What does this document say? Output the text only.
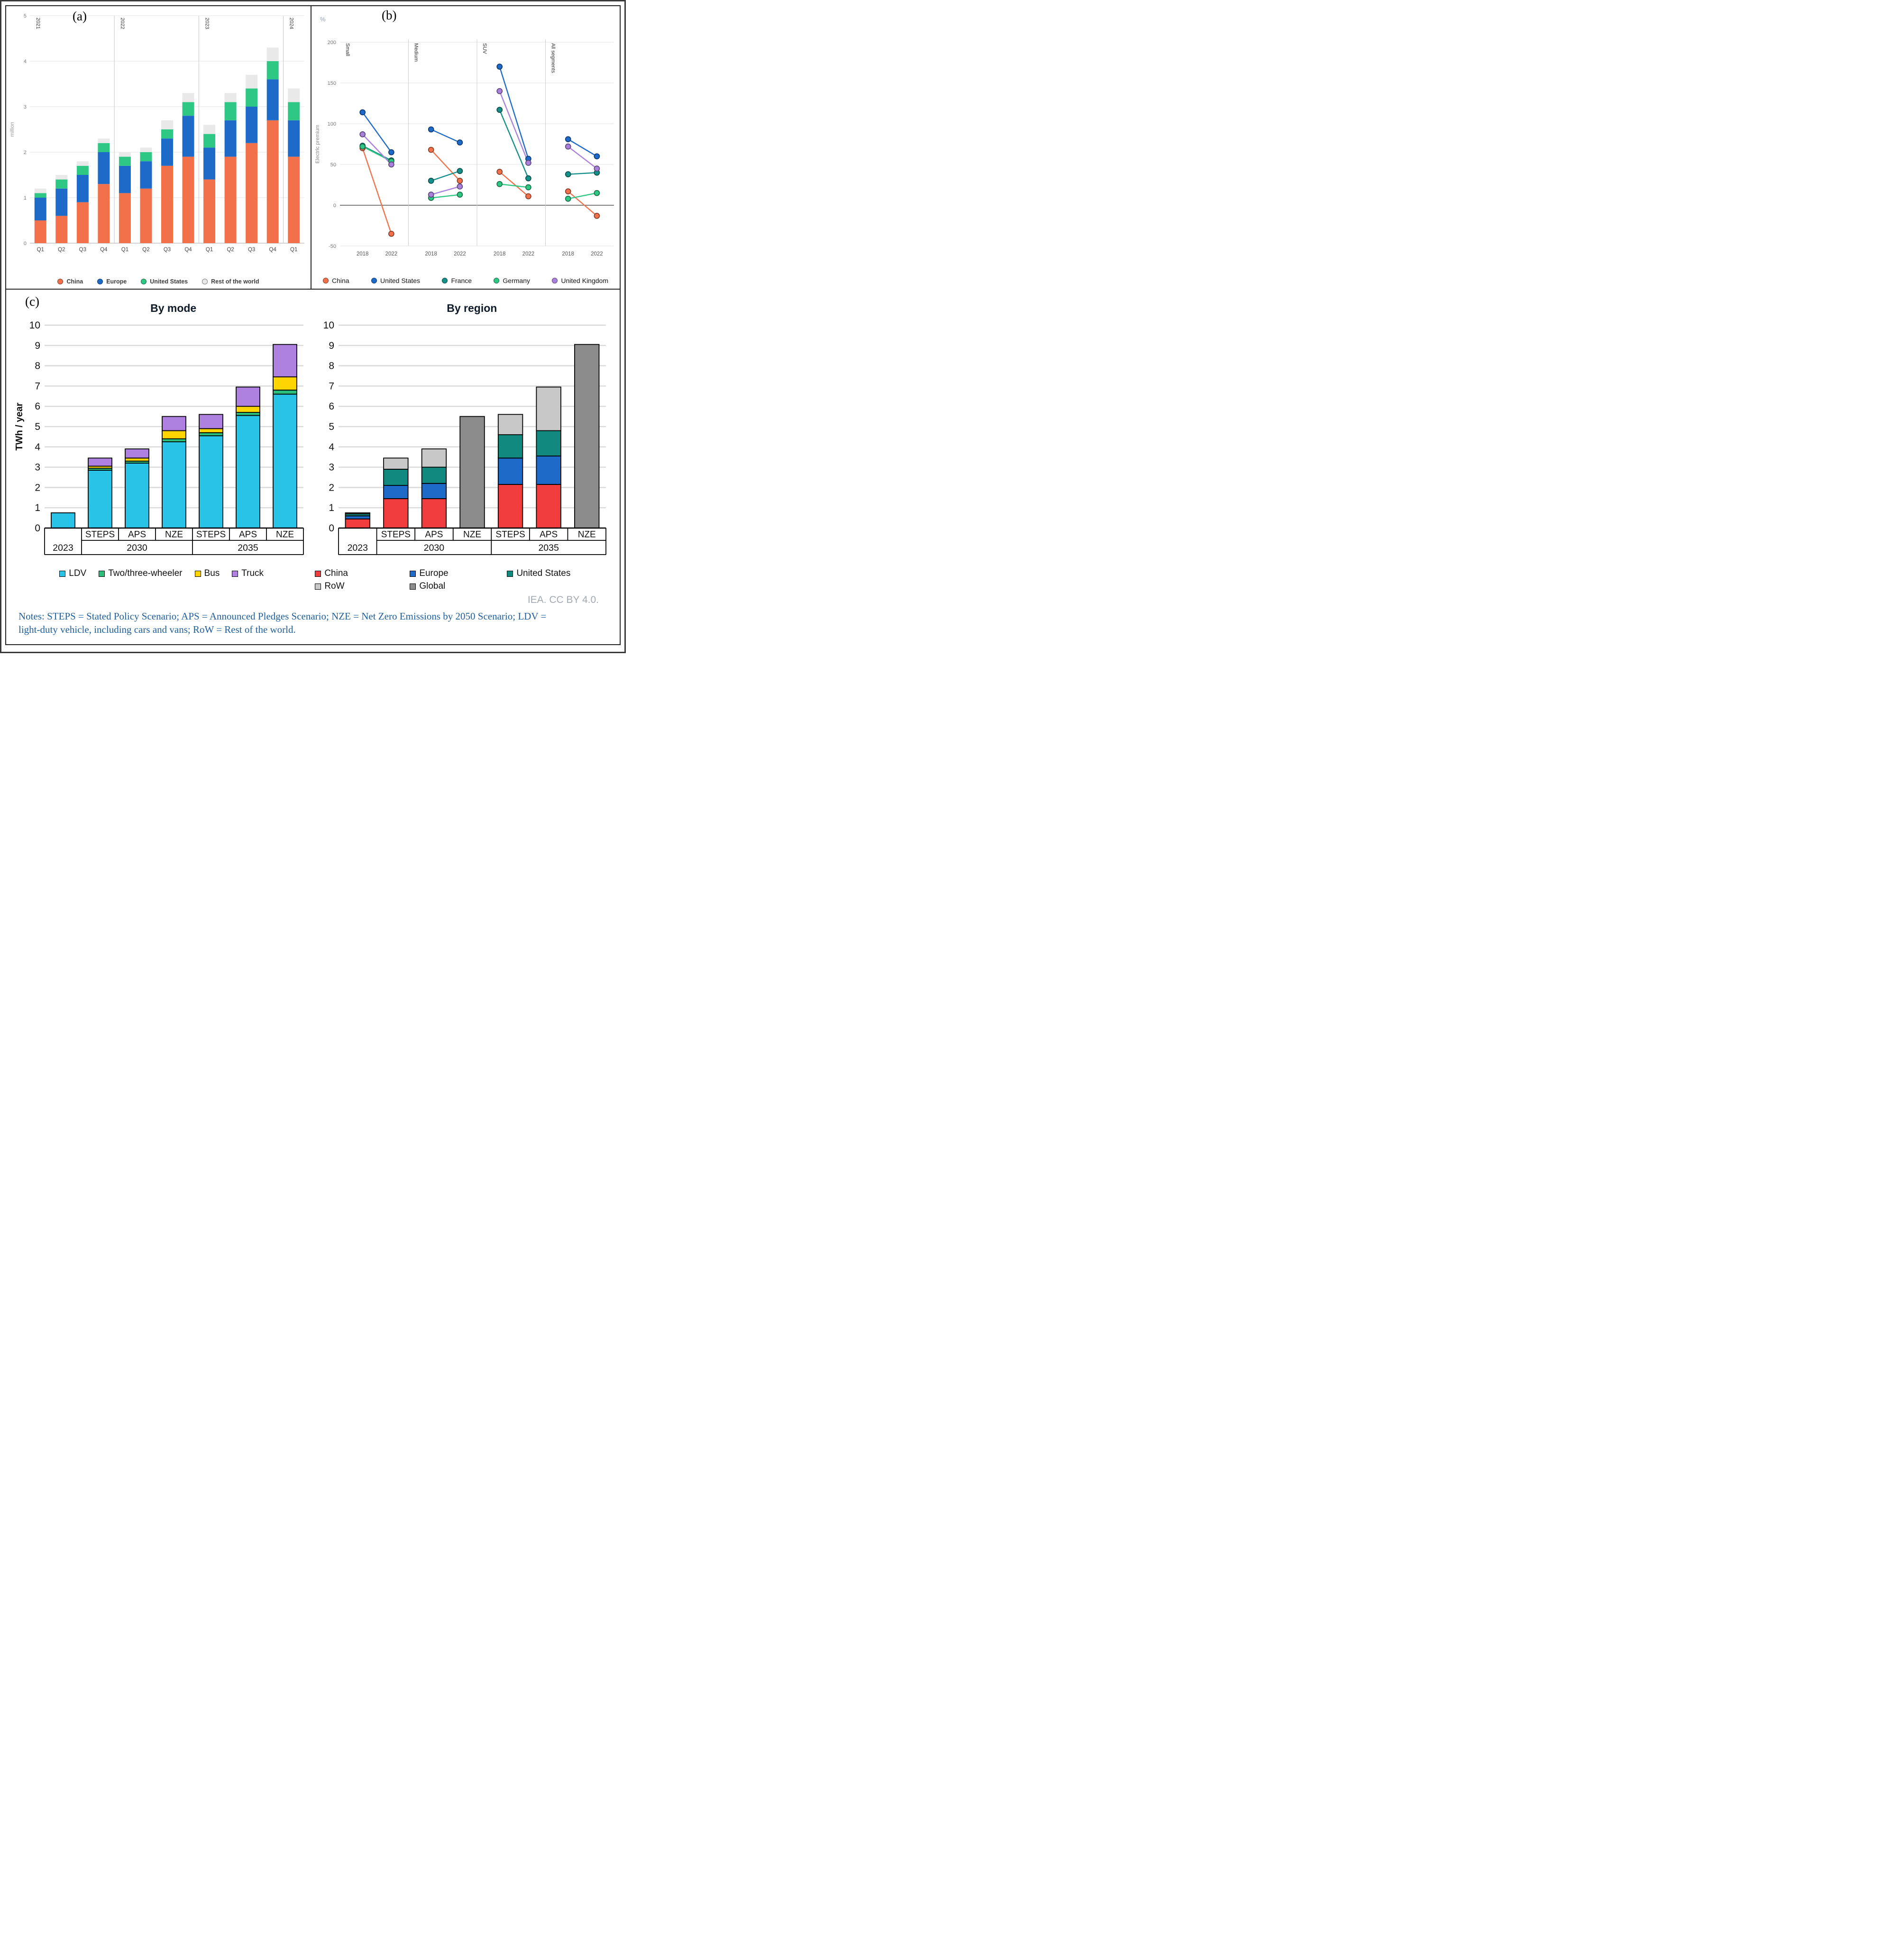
(a)
0
1
2
3
4
5
million
Q1	Q2	Q3	Q4	Q1	Q2	Q3	Q4	Q1	Q2	Q3	Q4	Q1
2021	2022	2023	2024
China	Europe	United States	Rest of the world
(b)
%
-50
0
50
100
150
200
Electric premium
2018	2022	2018	2022	2018	2022	2018	2022
Small	Medium	SUV	All segments
China	United States	France	Germany	United Kingdom
(c)	By mode
0
1
2
3
4
5
6
7
8
9
10
TWh / year
STEPS APS NZE STEPS APS NZE
2023	2030	2035
LDV Two/three-wheeler Bus Truck
By region
0
1
2
3
4
5
6
7
8
9
10
STEPS APS NZE STEPS APS NZE
2023	2030	2035
China	Europe	United States
RoW	Global
IEA. CC BY 4.0.
Notes: STEPS = Stated Policy Scenario; APS = Announced Pledges Scenario; NZE = Net Zero Emissions by 2050 Scenario; LDV = light-duty vehicle, including cars and vans; RoW = Rest of the world.
